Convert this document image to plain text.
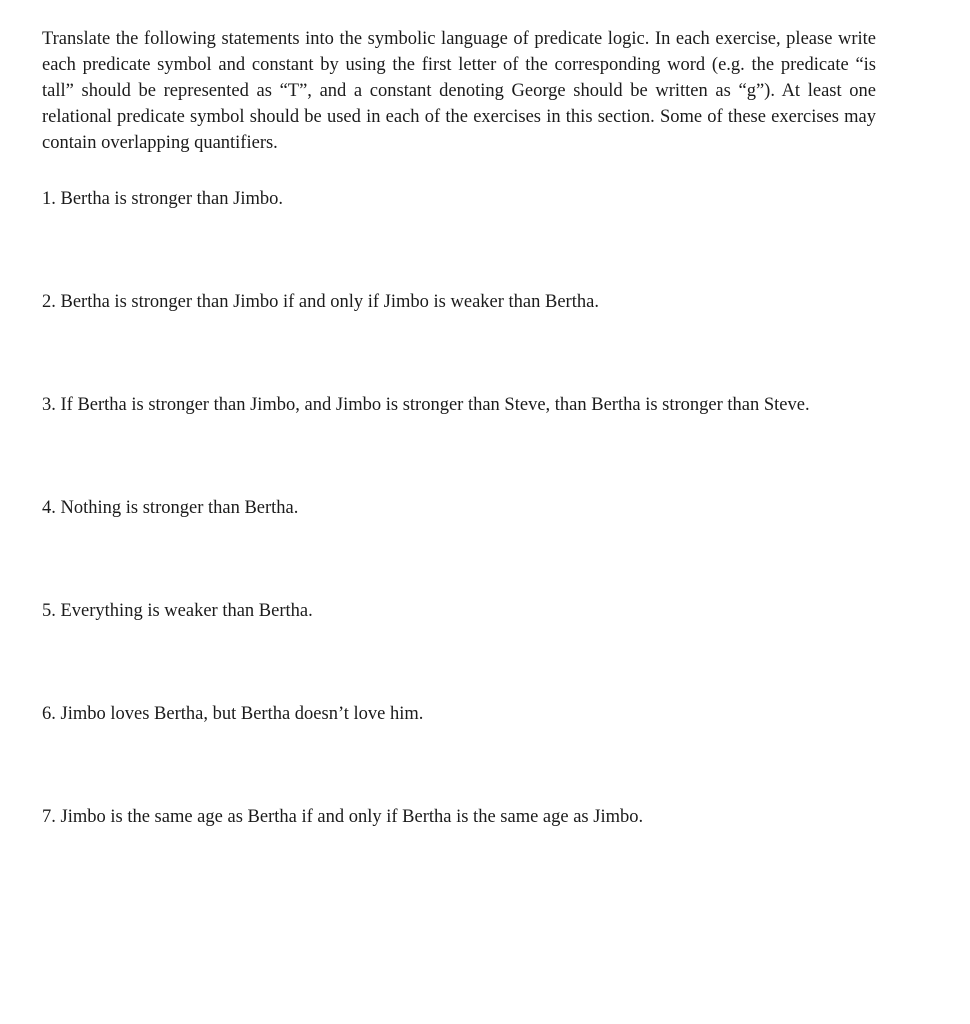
Translate the following statements into the symbolic language of predicate logic. In each exercise, please write each predicate symbol and constant by using the first letter of the corresponding word (e.g. the predicate “is tall” should be represented as “T”, and a constant denoting George should be written as “g”). At least one relational predicate symbol should be used in each of the exercises in this section. Some of these exercises may contain overlapping quantifiers.

1. Bertha is stronger than Jimbo.

2. Bertha is stronger than Jimbo if and only if Jimbo is weaker than Bertha.

3. If Bertha is stronger than Jimbo, and Jimbo is stronger than Steve, than Bertha is stronger than Steve.

4. Nothing is stronger than Bertha.

5. Everything is weaker than Bertha.

6. Jimbo loves Bertha, but Bertha doesn’t love him.

7. Jimbo is the same age as Bertha if and only if Bertha is the same age as Jimbo.
